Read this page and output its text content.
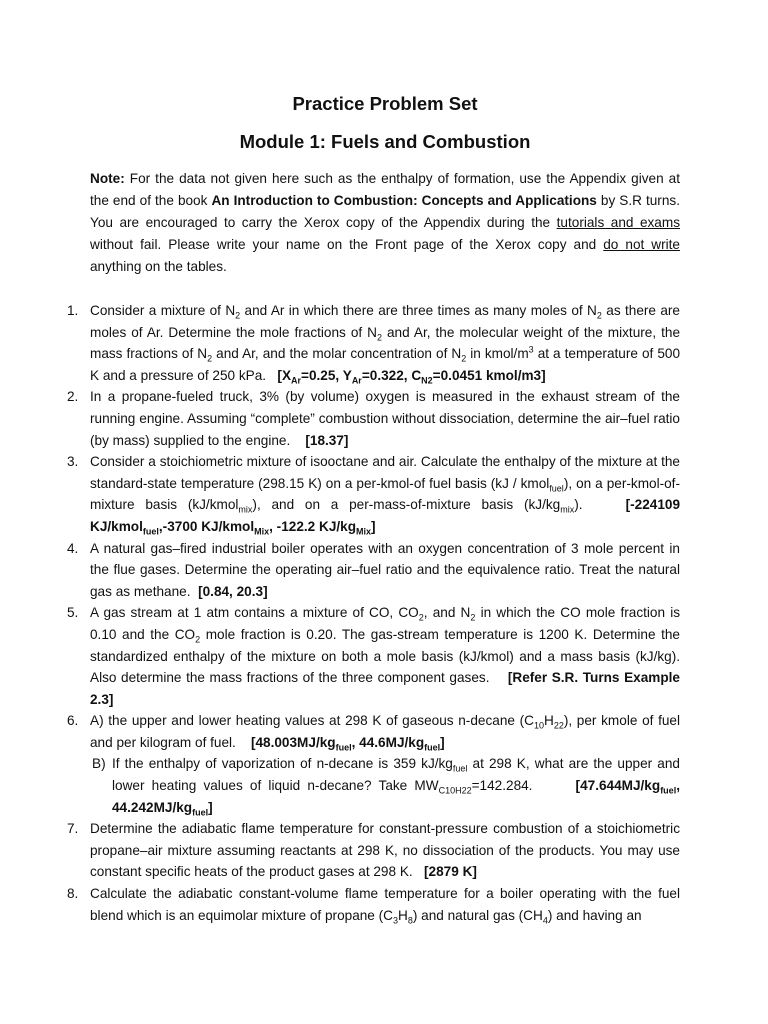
Practice Problem Set
Module 1: Fuels and Combustion

Note: For the data not given here such as the enthalpy of formation, use the Appendix given at the end of the book An Introduction to Combustion: Concepts and Applications by S.R turns. You are encouraged to carry the Xerox copy of the Appendix during the tutorials and exams without fail. Please write your name on the Front page of the Xerox copy and do not write anything on the tables.

1. Consider a mixture of $N_2$ and Ar in which there are three times as many moles of $N_2$ as there are moles of Ar. Determine the mole fractions of $N_2$ and Ar, the molecular weight of the mixture, the mass fractions of $N_2$ and Ar, and the molar concentration of $N_2$ in kmol/$m^3$ at a temperature of 500 K and a pressure of 250 kPa. [$X_{Ar}=0.25$, $Y_{Ar}=0.322$, $C_{N2}=0.0451$ kmol/m3]
2. In a propane-fueled truck, 3% (by volume) oxygen is measured in the exhaust stream of the running engine. Assuming “complete” combustion without dissociation, determine the air–fuel ratio (by mass) supplied to the engine. [18.37]
3. Consider a stoichiometric mixture of isooctane and air. Calculate the enthalpy of the mixture at the standard-state temperature (298.15 K) on a per-kmol-of fuel basis (kJ / kmol$_{fuel}$), on a per-kmol-of-mixture basis (kJ/kmol$_{mix}$), and on a per-mass-of-mixture basis $(kJ/kg_{mix})$.	[-224109 KJ/kmol$_{fuel}$,-3700 KJ/kmol$_{Mix}$, -122.2 $KJ/kg_{Mix}$]
4. A natural gas–fired industrial boiler operates with an oxygen concentration of 3 mole percent in the flue gases. Determine the operating air–fuel ratio and the equivalence ratio. Treat the natural gas as methane. [0.84, 20.3]
5. A gas stream at 1 atm contains a mixture of CO, $CO_2$, and $N_2$ in which the CO mole fraction is 0.10 and the $CO_2$ mole fraction is 0.20. The gas-stream temperature is 1200 K. Determine the standardized enthalpy of the mixture on both a mole basis (kJ/kmol) and a mass basis (kJ/kg). Also determine the mass fractions of the three component gases. [Refer S.R. Turns Example 2.3]
6. A) the upper and lower heating values at 298 K of gaseous n-decane $(C_{10}H_{22})$, per kmole of fuel and per kilogram of fuel. [$48.003MJ/kg_{fuel}$, $44.6MJ/kg_{fuel}$]
B) If the enthalpy of vaporization of n-decane is 359 $kJ/kg_{fuel}$ at 298 K, what are the upper and lower heating values of liquid n-decane? Take $MW_{C10H22}=142.284$.	[$47.644MJ/kg_{fuel}$, $44.242MJ/kg_{fuel}$]
7. Determine the adiabatic flame temperature for constant-pressure combustion of a stoichiometric propane–air mixture assuming reactants at 298 K, no dissociation of the products. You may use constant specific heats of the product gases at 298 K. [2879 K]
8. Calculate the adiabatic constant-volume flame temperature for a boiler operating with the fuel blend which is an equimolar mixture of propane $(C_3H_8)$ and natural gas $(CH_4)$ and having an
